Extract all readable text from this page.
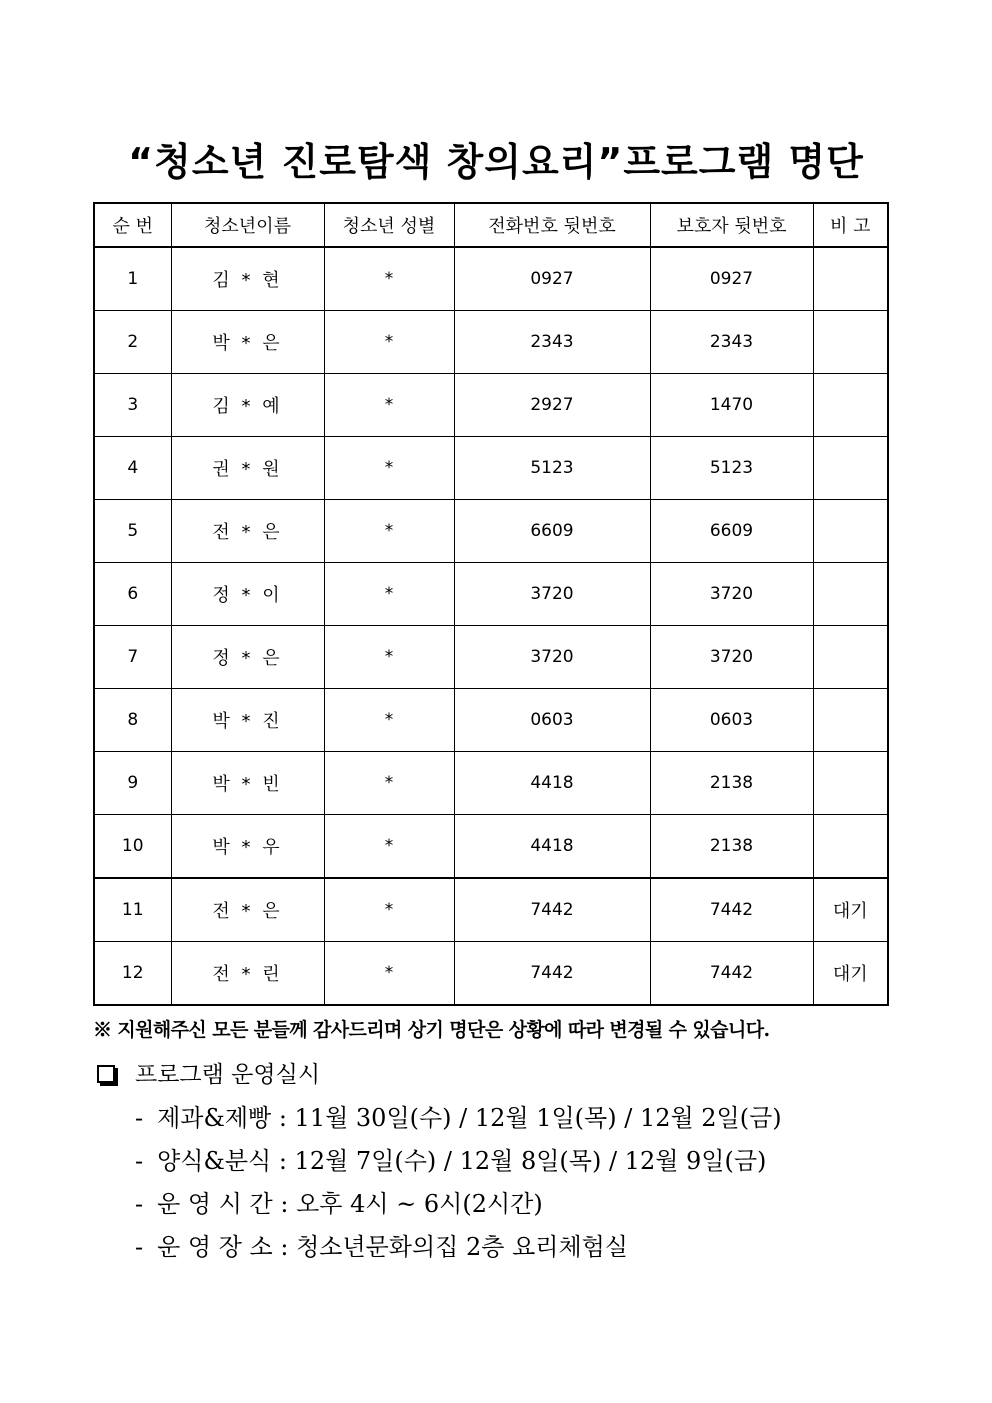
“청소년 진로탐색 창의요리”프로그램 명단
순 번	청소년이름	청소년 성별	전화번호 뒷번호	보호자 뒷번호	비 고
1	김 * 현	*	0927	0927	
2	박 * 은	*	2343	2343	
3	김 * 예	*	2927	1470	
4	권 * 원	*	5123	5123	
5	전 * 은	*	6609	6609	
6	정 * 이	*	3720	3720	
7	정 * 은	*	3720	3720	
8	박 * 진	*	0603	0603	
9	박 * 빈	*	4418	2138	
10	박 * 우	*	4418	2138	
11	전 * 은	*	7442	7442	대기
12	전 * 린	*	7442	7442	대기
※ 지원해주신 모든 분들께 감사드리며 상기 명단은 상황에 따라 변경될 수 있습니다.
프로그램 운영실시
- 제과&제빵 : 11월 30일(수) / 12월 1일(목) / 12월 2일(금)
- 양식&분식 : 12월 7일(수) / 12월 8일(목) / 12월 9일(금)
- 운 영 시 간 : 오후 4시 ~ 6시(2시간)
- 운 영 장 소 : 청소년문화의집 2층 요리체험실
